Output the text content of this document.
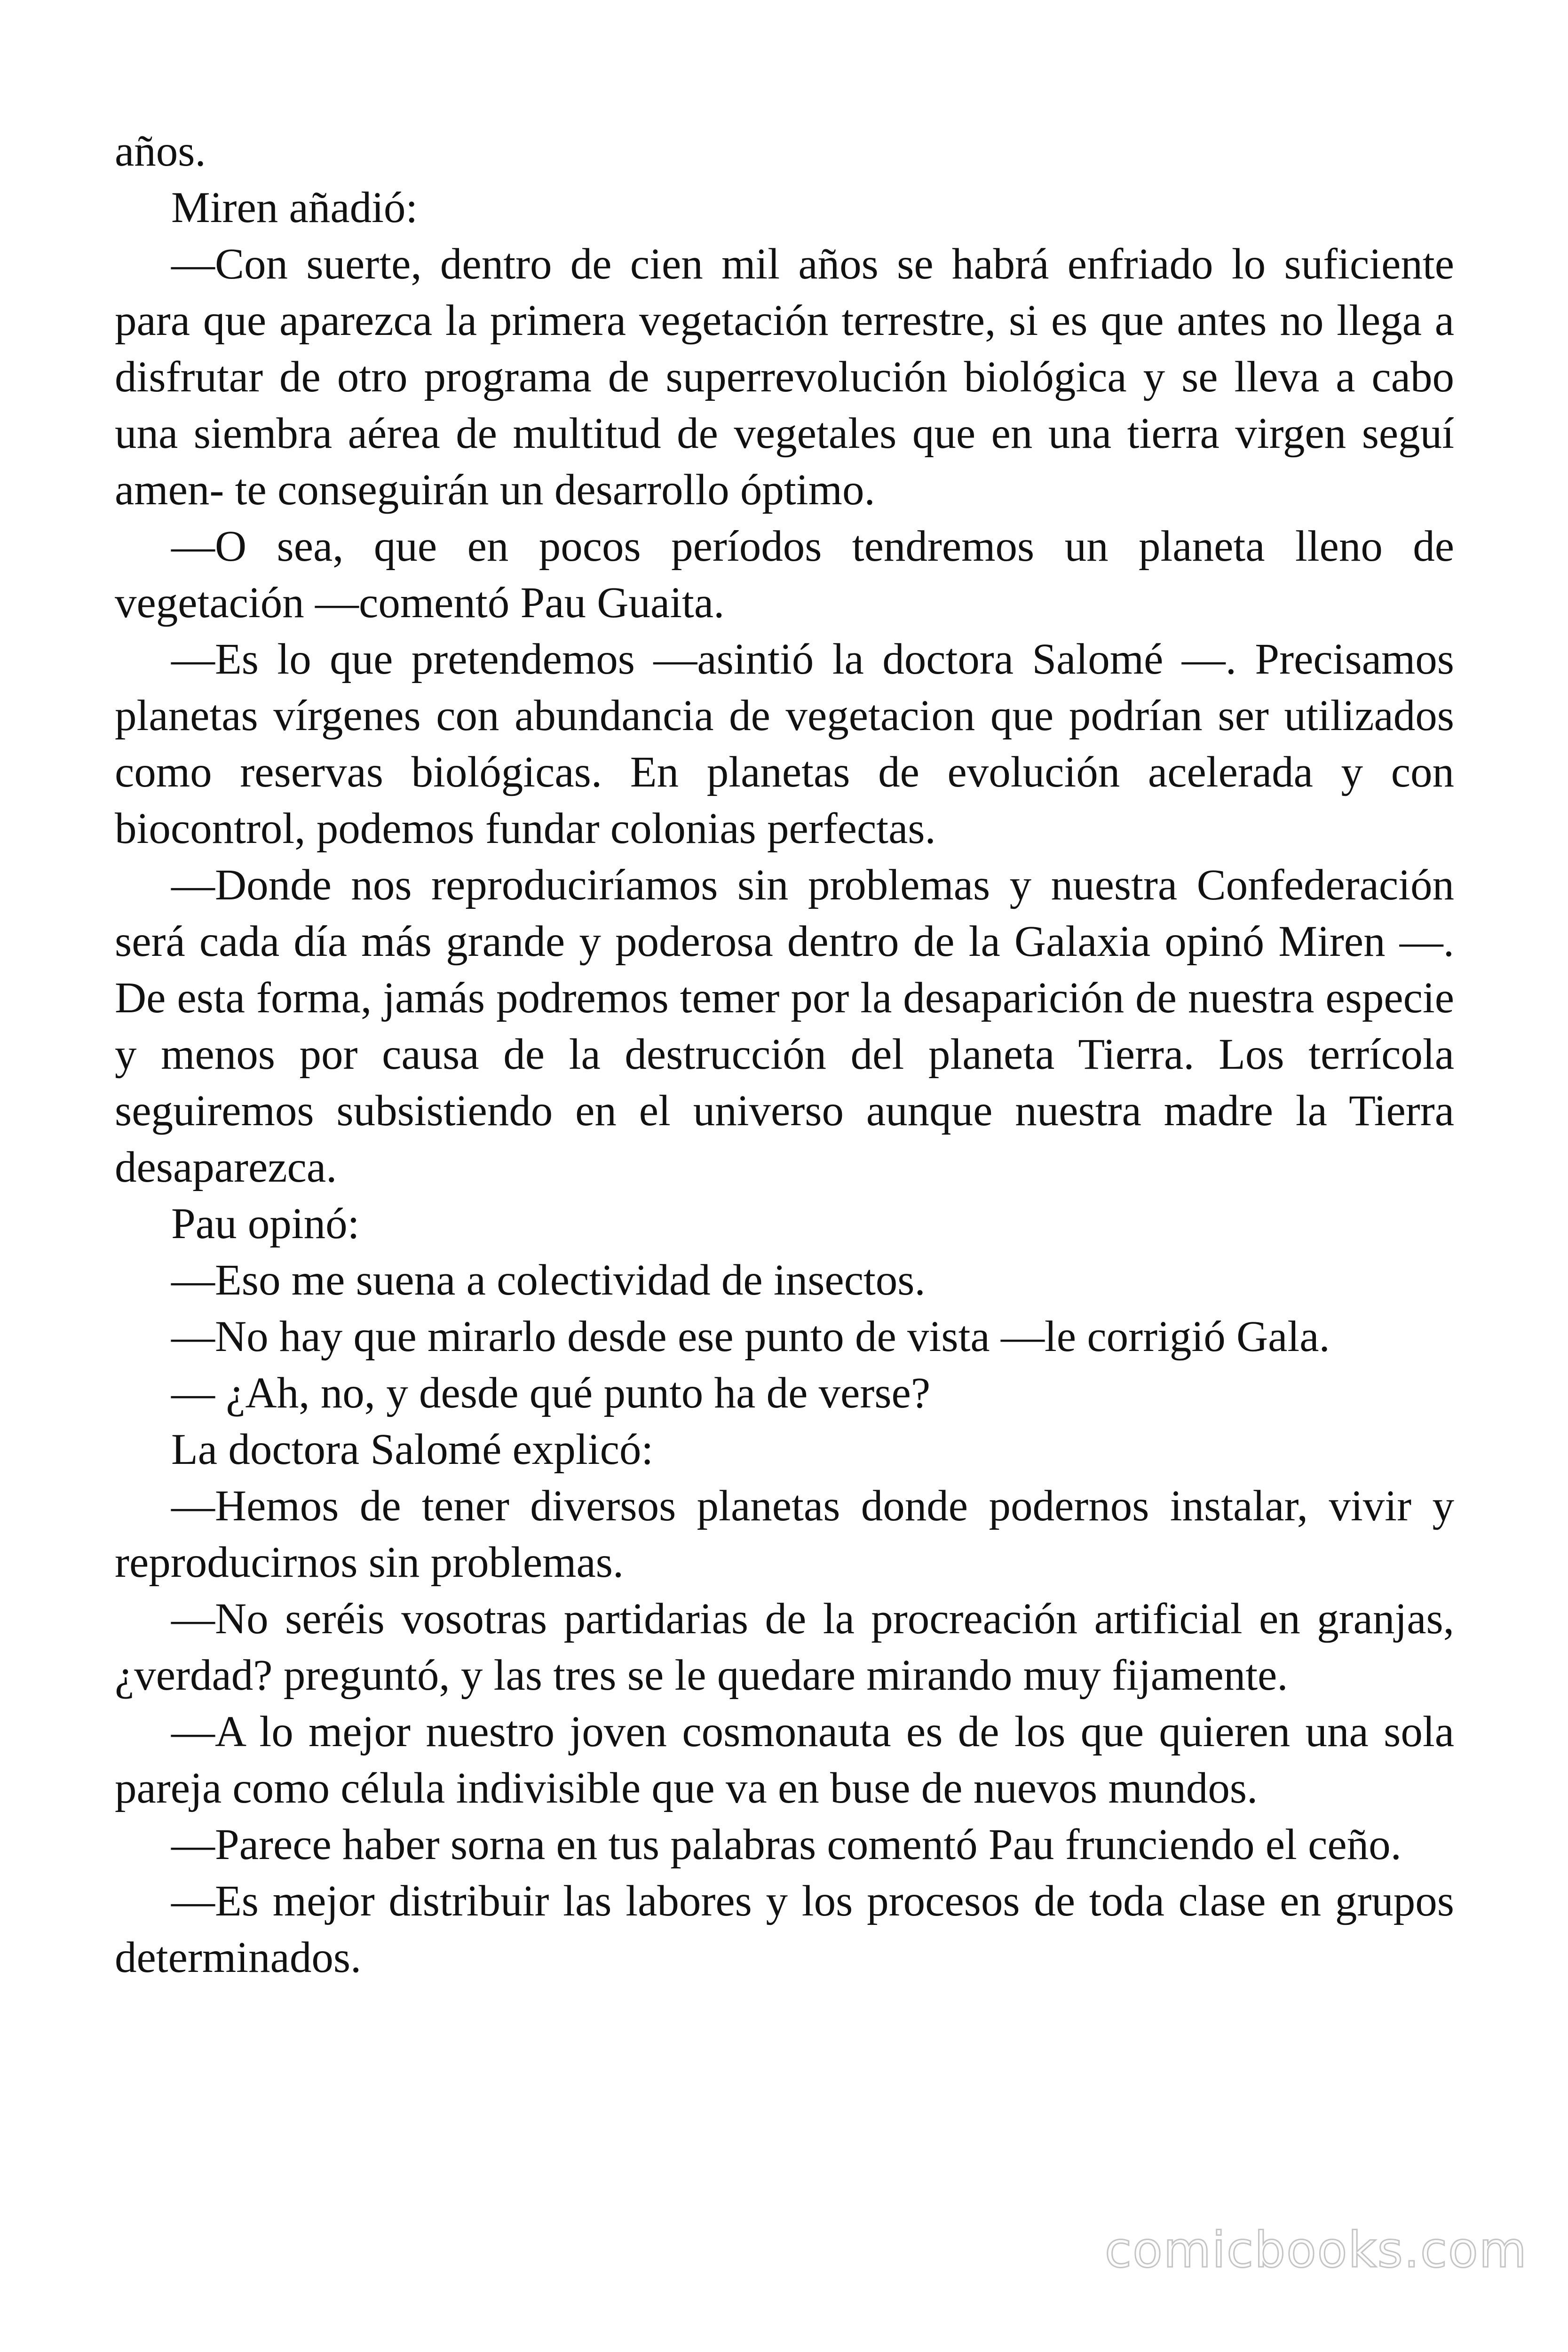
años.

Miren añadió:

—Con suerte, dentro de cien mil años se habrá enfriado lo suficiente para que aparezca la primera vegetación terrestre, si es que antes no llega a disfrutar de otro programa de superrevolución biológica y se lleva a cabo una siembra aérea de multitud de vegetales que en una tierra virgen seguí amen- te conseguirán un desarrollo óptimo.

—O sea, que en pocos períodos tendremos un planeta lleno de vegetación —comentó Pau Guaita.

—Es lo que pretendemos —asintió la doctora Salomé —. Precisamos planetas vírgenes con abundancia de vegetacion que podrían ser utilizados como reservas biológicas. En planetas de evolución acelerada y con biocontrol, podemos fundar colonias perfectas.

—Donde nos reproduciríamos sin problemas y nuestra Confederación será cada día más grande y poderosa dentro de la Galaxia opinó Miren —. De esta forma, jamás podremos temer por la desaparición de nuestra especie y menos por causa de la destrucción del planeta Tierra. Los terrícola seguiremos subsistiendo en el universo aunque nuestra madre la Tierra desaparezca.

Pau opinó:

—Eso me suena a colectividad de insectos.

—No hay que mirarlo desde ese punto de vista —le corrigió Gala.

— ¿Ah, no, y desde qué punto ha de verse?

La doctora Salomé explicó:

—Hemos de tener diversos planetas donde podernos instalar, vivir y reproducirnos sin problemas.

—No seréis vosotras partidarias de la procreación artificial en granjas, ¿verdad? preguntó, y las tres se le quedare mirando muy fijamente.

—A lo mejor nuestro joven cosmonauta es de los que quieren una sola pareja como célula indivisible que va en buse de nuevos mundos.

—Parece haber sorna en tus palabras comentó Pau frunciendo el ceño.

—Es mejor distribuir las labores y los procesos de toda clase en grupos determinados.

comicbooks.com
